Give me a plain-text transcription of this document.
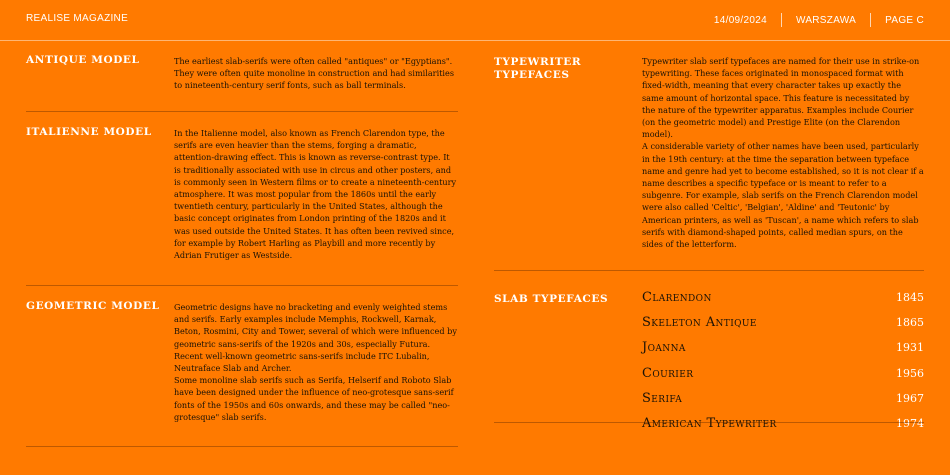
REALISE MAGAZINE	14/09/2024	WARSZAWA	PAGE C
ANTIQUE MODEL	The earliest slab-serifs were often called "antiques" or "Egyptians". They were often quite monoline in construction and had similarities to nineteenth-century serif fonts, such as ball terminals.

ITALIENNE MODEL	In the Italienne model, also known as French Clarendon type, the serifs are even heavier than the stems, forging a dramatic, attention-drawing effect. This is known as reverse-contrast type. It is traditionally associated with use in circus and other posters, and is commonly seen in Western films or to create a nineteenth-century atmosphere. It was most popular from the 1860s until the early twentieth century, particularly in the United States, although the basic concept originates from London printing of the 1820s and it was used outside the United States. It has often been revived since, for example by Robert Harling as Playbill and more recently by Adrian Frutiger as Westside.

GEOMETRIC MODEL	Geometric designs have no bracketing and evenly weighted stems and serifs. Early examples include Memphis, Rockwell, Karnak, Beton, Rosmini, City and Tower, several of which were influenced by geometric sans-serifs of the 1920s and 30s, especially Futura. Recent well-known geometric sans-serifs include ITC Lubalin, Neutraface Slab and Archer.

Some monoline slab serifs such as Serifa, Helserif and Roboto Slab have been designed under the influence of neo-grotesque sans-serif fonts of the 1950s and 60s onwards, and these may be called "neo-grotesque" slab serifs.

TYPEWRITER TYPEFACES

Typewriter slab serif typefaces are named for their use in strike-on typewriting. These faces originated in monospaced format with fixed-width, meaning that every character takes up exactly the same amount of horizontal space. This feature is necessitated by the nature of the typewriter apparatus. Examples include Courier (on the geometric model) and Prestige Elite (on the Clarendon model).

A considerable variety of other names have been used, particularly in the 19th century: at the time the separation between typeface name and genre had yet to become established, so it is not clear if a name describes a specific typeface or is meant to refer to a subgenre. For example, slab serifs on the French Clarendon model were also called 'Celtic', 'Belgian', 'Aldine' and 'Teutonic' by American printers, as well as 'Tuscan', a name which refers to slab serifs with diamond-shaped points, called median spurs, on the sides of the letterform.

SLAB TYPEFACES	Clarendon	1845
Skeleton Antique	1865
Joanna	1931
Courier	1956
Serifa	1967
American Typewriter	1974
